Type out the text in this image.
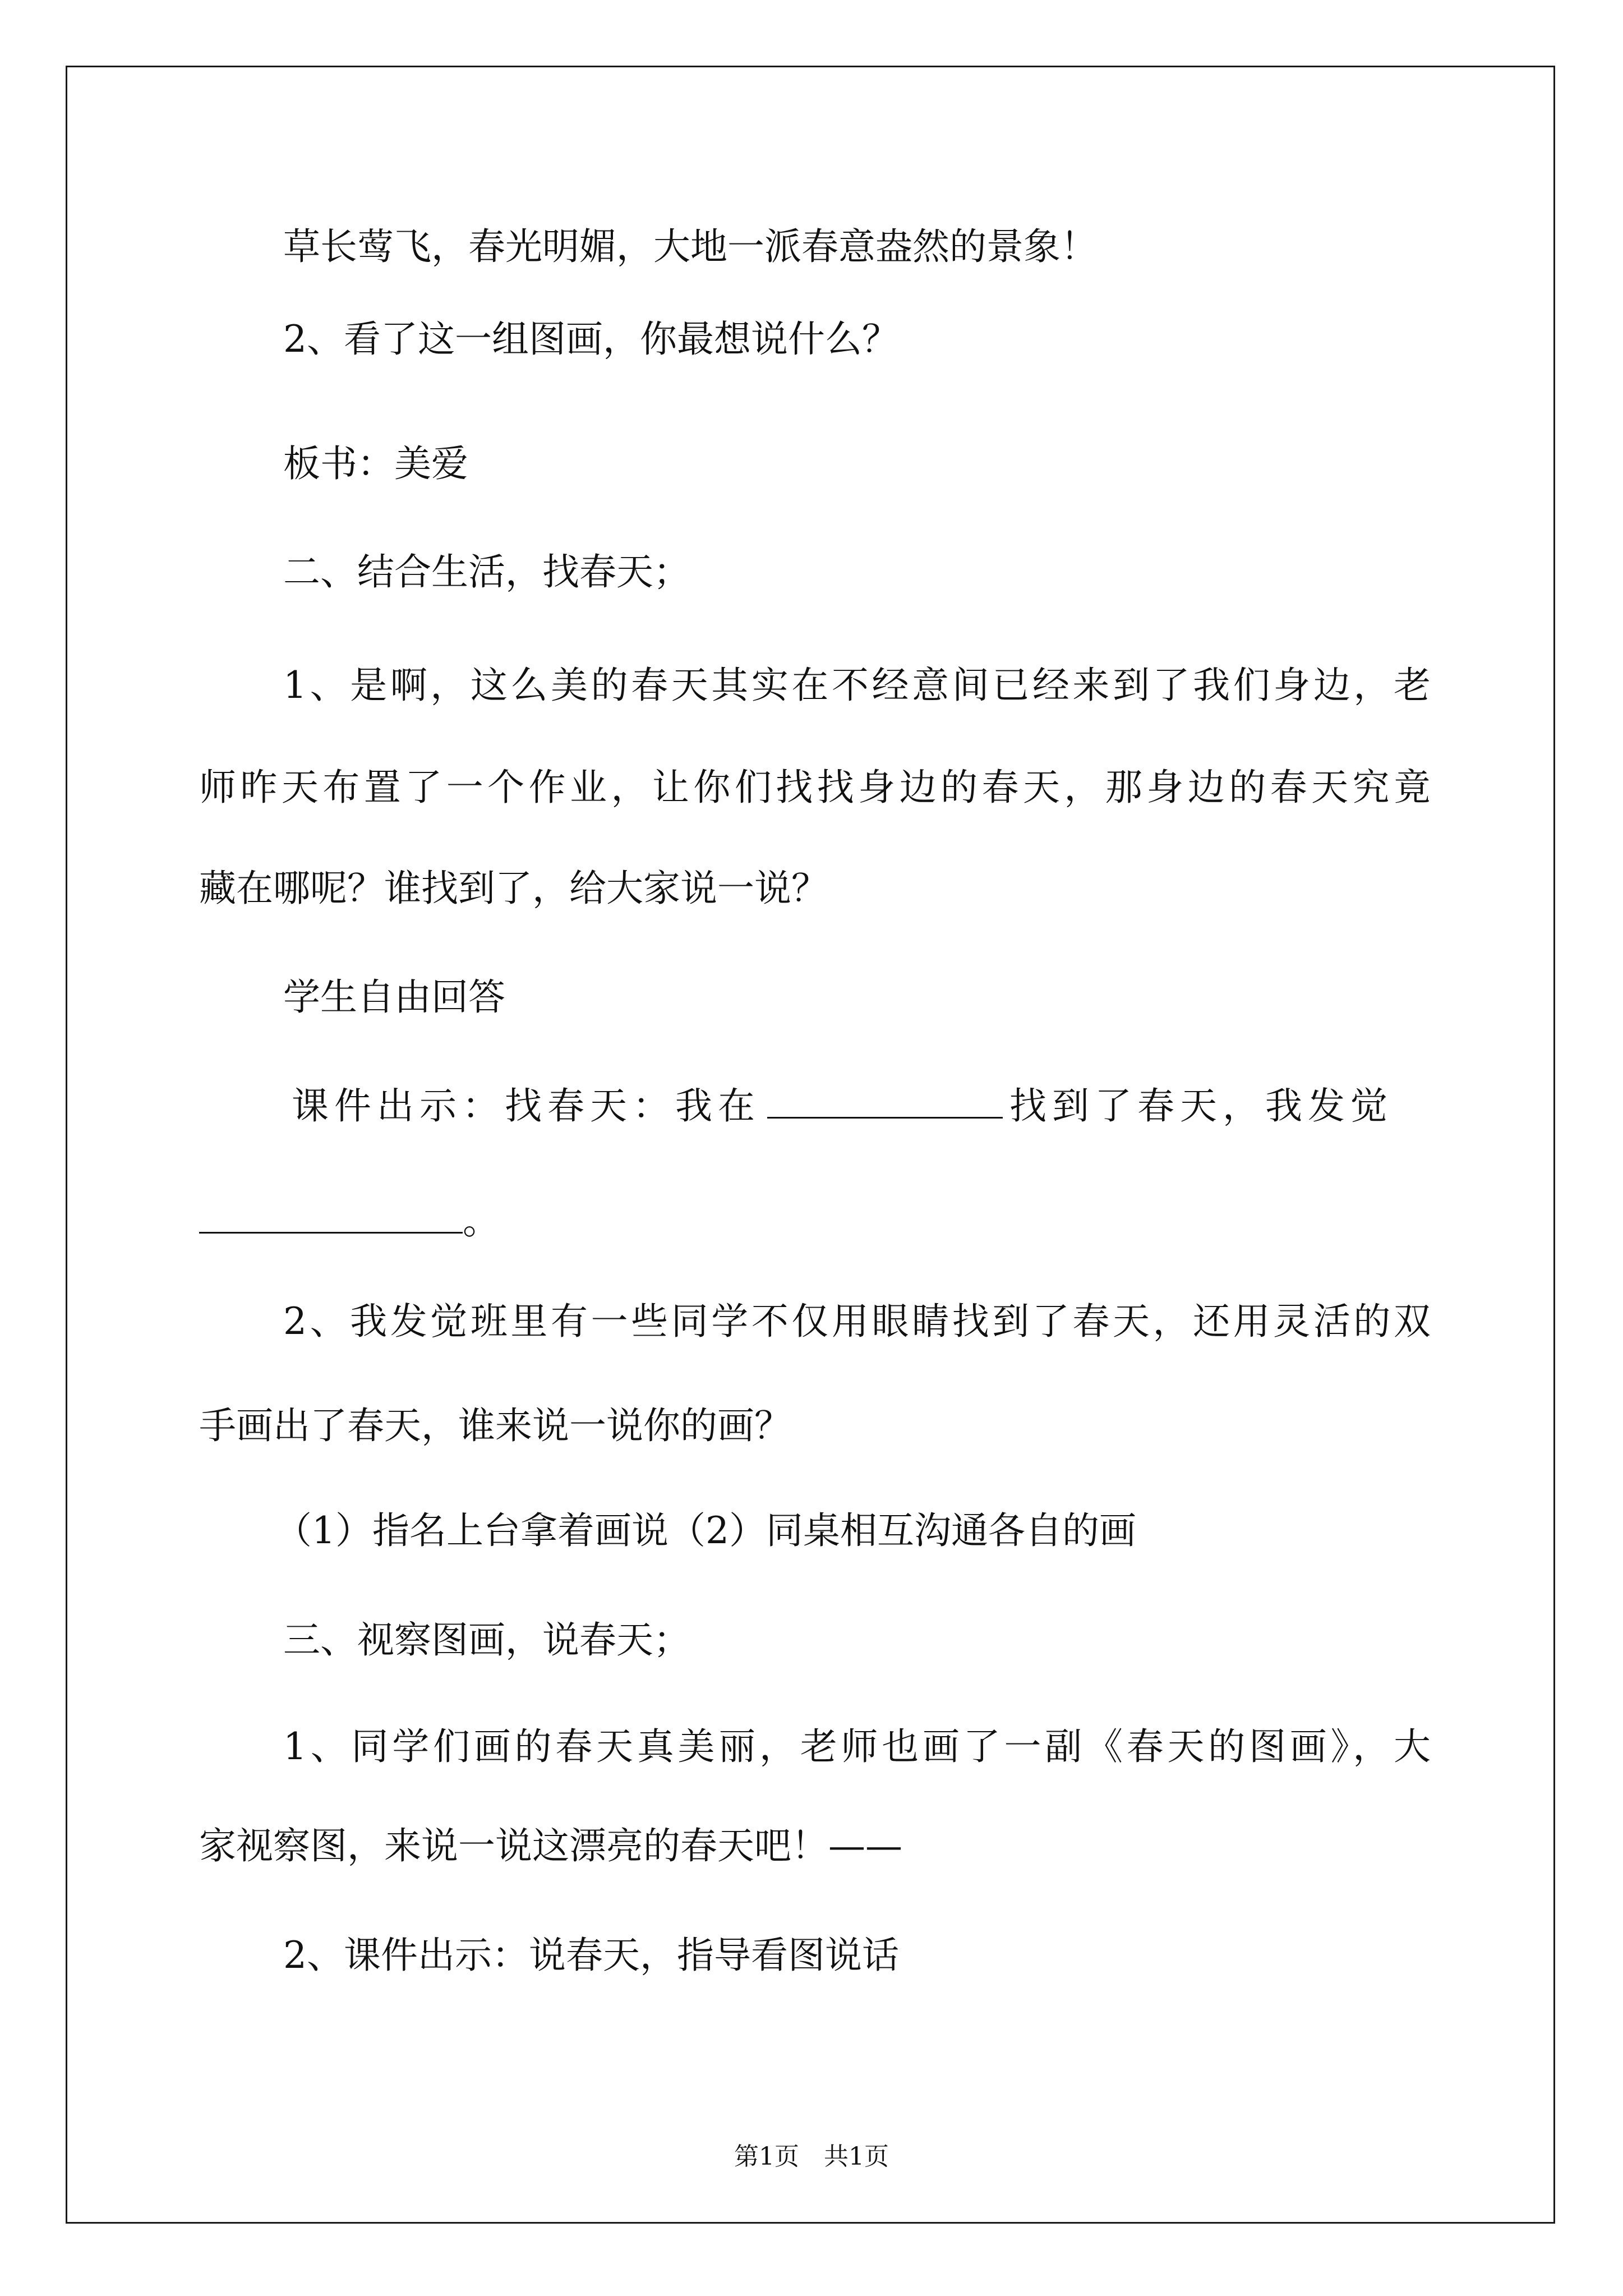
草长莺飞，春光明媚，大地一派春意盎然的景象！
2、看了这一组图画，你最想说什么？
板书：美爱
二、结合生活，找春天；
1、是啊，这么美的春天其实在不经意间已经来到了我们身边，老
师昨天布置了一个作业，让你们找找身边的春天，那身边的春天究竟
藏在哪呢？谁找到了，给大家说一说？
学生自由回答
课件出示：找春天：我在	找到了春天，我发觉
。
2、我发觉班里有一些同学不仅用眼睛找到了春天，还用灵活的双
手画出了春天，谁来说一说你的画？
（1）指名上台拿着画说（2）同桌相互沟通各自的画
三、视察图画，说春天；
1、同学们画的春天真美丽，老师也画了一副《春天的图画》，大
家视察图，来说一说这漂亮的春天吧！——
2、课件出示：说春天，指导看图说话
第1页　共1页
